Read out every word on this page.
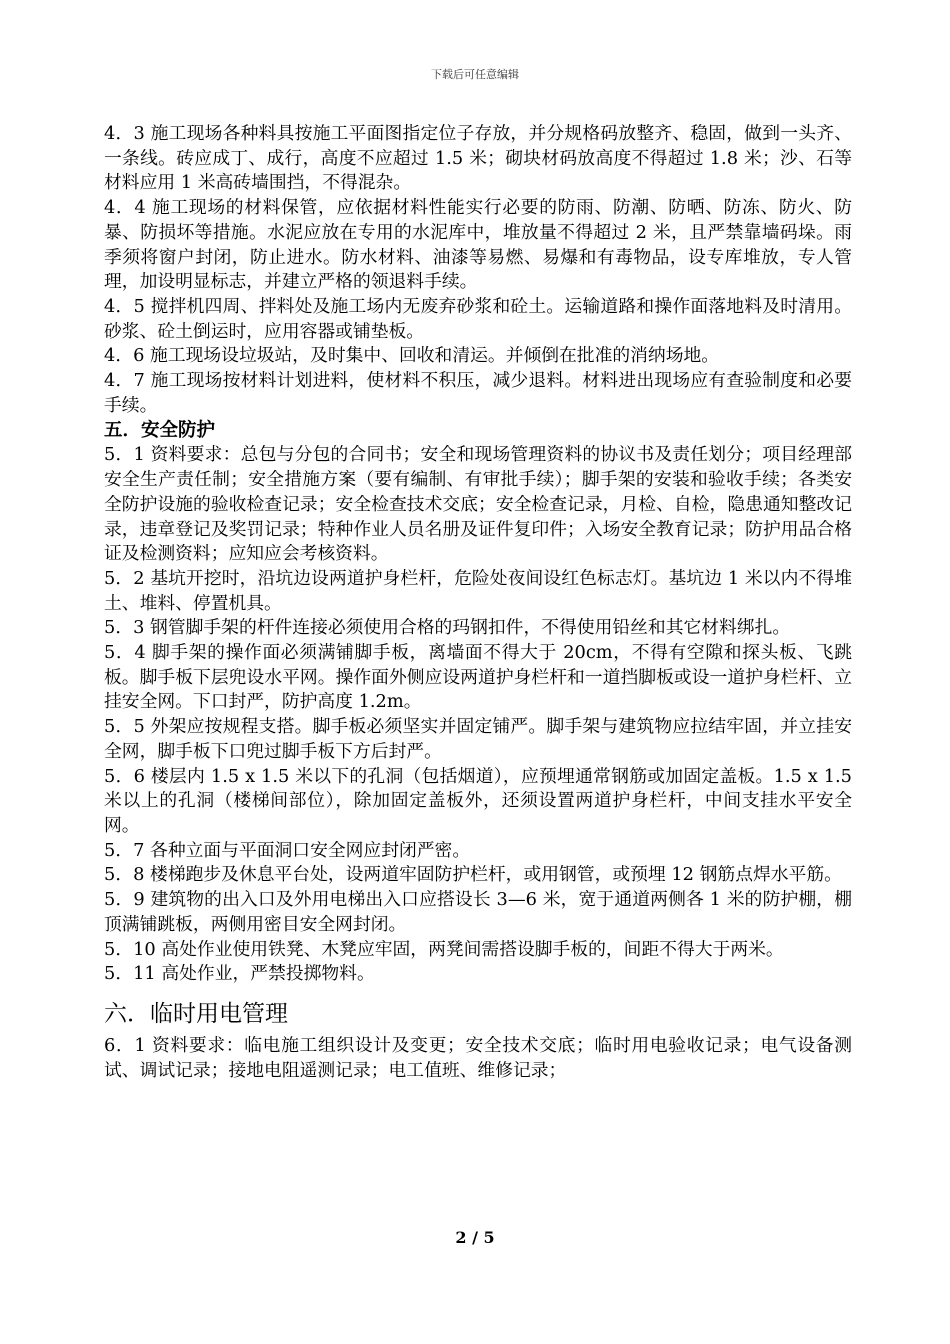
下载后可任意编辑

4．3 施工现场各种料具按施工平面图指定位子存放，并分规格码放整齐、稳固，做到一头齐、一条线。砖应成丁、成行，高度不应超过 1.5 米；砌块材码放高度不得超过 1.8 米；沙、石等材料应用 1 米高砖墙围挡，不得混杂。

4．4 施工现场的材料保管，应依据材料性能实行必要的防雨、防潮、防晒、防冻、防火、防暴、防损坏等措施。水泥应放在专用的水泥库中，堆放量不得超过 2 米，且严禁靠墙码垛。雨季须将窗户封闭，防止进水。防水材料、油漆等易燃、易爆和有毒物品，设专库堆放，专人管理，加设明显标志，并建立严格的领退料手续。

4．5 搅拌机四周、拌料处及施工场内无废弃砂浆和砼土。运输道路和操作面落地料及时清用。砂浆、砼土倒运时，应用容器或铺垫板。

4．6 施工现场设垃圾站，及时集中、回收和清运。并倾倒在批准的消纳场地。

4．7 施工现场按材料计划进料，使材料不积压，减少退料。材料进出现场应有查验制度和必要手续。

五．安全防护

5．1 资料要求：总包与分包的合同书；安全和现场管理资料的协议书及责任划分；项目经理部安全生产责任制；安全措施方案（要有编制、有审批手续）；脚手架的安装和验收手续；各类安全防护设施的验收检查记录；安全检查技术交底；安全检查记录，月检、自检，隐患通知整改记录，违章登记及奖罚记录；特种作业人员名册及证件复印件；入场安全教育记录；防护用品合格证及检测资料；应知应会考核资料。

5．2 基坑开挖时，沿坑边设两道护身栏杆，危险处夜间设红色标志灯。基坑边 1 米以内不得堆土、堆料、停置机具。

5．3 钢管脚手架的杆件连接必须使用合格的玛钢扣件，不得使用铅丝和其它材料绑扎。

5．4 脚手架的操作面必须满铺脚手板，离墙面不得大于 20cm，不得有空隙和探头板、飞跳板。脚手板下层兜设水平网。操作面外侧应设两道护身栏杆和一道挡脚板或设一道护身栏杆、立挂安全网。下口封严，防护高度 1.2m。

5．5 外架应按规程支搭。脚手板必须坚实并固定铺严。脚手架与建筑物应拉结牢固，并立挂安全网，脚手板下口兜过脚手板下方后封严。

5．6 楼层内 1.5 x 1.5 米以下的孔洞（包括烟道），应预埋通常钢筋或加固定盖板。1.5 x 1.5 米以上的孔洞（楼梯间部位），除加固定盖板外，还须设置两道护身栏杆，中间支挂水平安全网。

5．7 各种立面与平面洞口安全网应封闭严密。

5．8 楼梯跑步及休息平台处，设两道牢固防护栏杆，或用钢管，或预埋 12 钢筋点焊水平筋。

5．9 建筑物的出入口及外用电梯出入口应搭设长 3—6 米，宽于通道两侧各 1 米的防护棚，棚顶满铺跳板，两侧用密目安全网封闭。

5．10 高处作业使用铁凳、木凳应牢固，两凳间需搭设脚手板的，间距不得大于两米。

5．11 高处作业，严禁投掷物料。

六．临时用电管理

6．1 资料要求：临电施工组织设计及变更；安全技术交底；临时用电验收记录；电气设备测试、调试记录；接地电阻遥测记录；电工值班、维修记录；

2 / 5
